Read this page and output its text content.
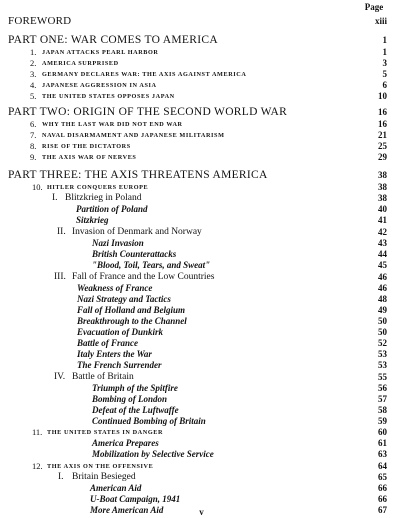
Page
FOREWORD	xiii
PART ONE: WAR COMES TO AMERICA	1
1. JAPAN ATTACKS PEARL HARBOR	1
2. AMERICA SURPRISED	3
3. GERMANY DECLARES WAR: THE AXIS AGAINST AMERICA	5
4. JAPANESE AGGRESSION IN ASIA	6
5. THE UNITED STATES OPPOSES JAPAN	10
PART TWO: ORIGIN OF THE SECOND WORLD WAR	16
6. WHY THE LAST WAR DID NOT END WAR	16
7. NAVAL DISARMAMENT AND JAPANESE MILITARISM	21
8. RISE OF THE DICTATORS	25
9. THE AXIS WAR OF NERVES	29
PART THREE: THE AXIS THREATENS AMERICA	38
10. HITLER CONQUERS EUROPE	38
I. Blitzkrieg in Poland	38
Partition of Poland	40
Sitzkrieg	41
II. Invasion of Denmark and Norway	42
Nazi Invasion	43
British Counterattacks	44
"Blood, Toil, Tears, and Sweat"	45
III. Fall of France and the Low Countries	46
Weakness of France	46
Nazi Strategy and Tactics	48
Fall of Holland and Belgium	49
Breakthrough to the Channel	50
Evacuation of Dunkirk	50
Battle of France	52
Italy Enters the War	53
The French Surrender	53
IV. Battle of Britain	55
Triumph of the Spitfire	56
Bombing of London	57
Defeat of the Luftwaffe	58
Continued Bombing of Britain	59
11. THE UNITED STATES IN DANGER	60
America Prepares	61
Mobilization by Selective Service	63
12. THE AXIS ON THE OFFENSIVE	64
I. Britain Besieged	65
American Aid	66
U-Boat Campaign, 1941	66
More American Aid	67
v
